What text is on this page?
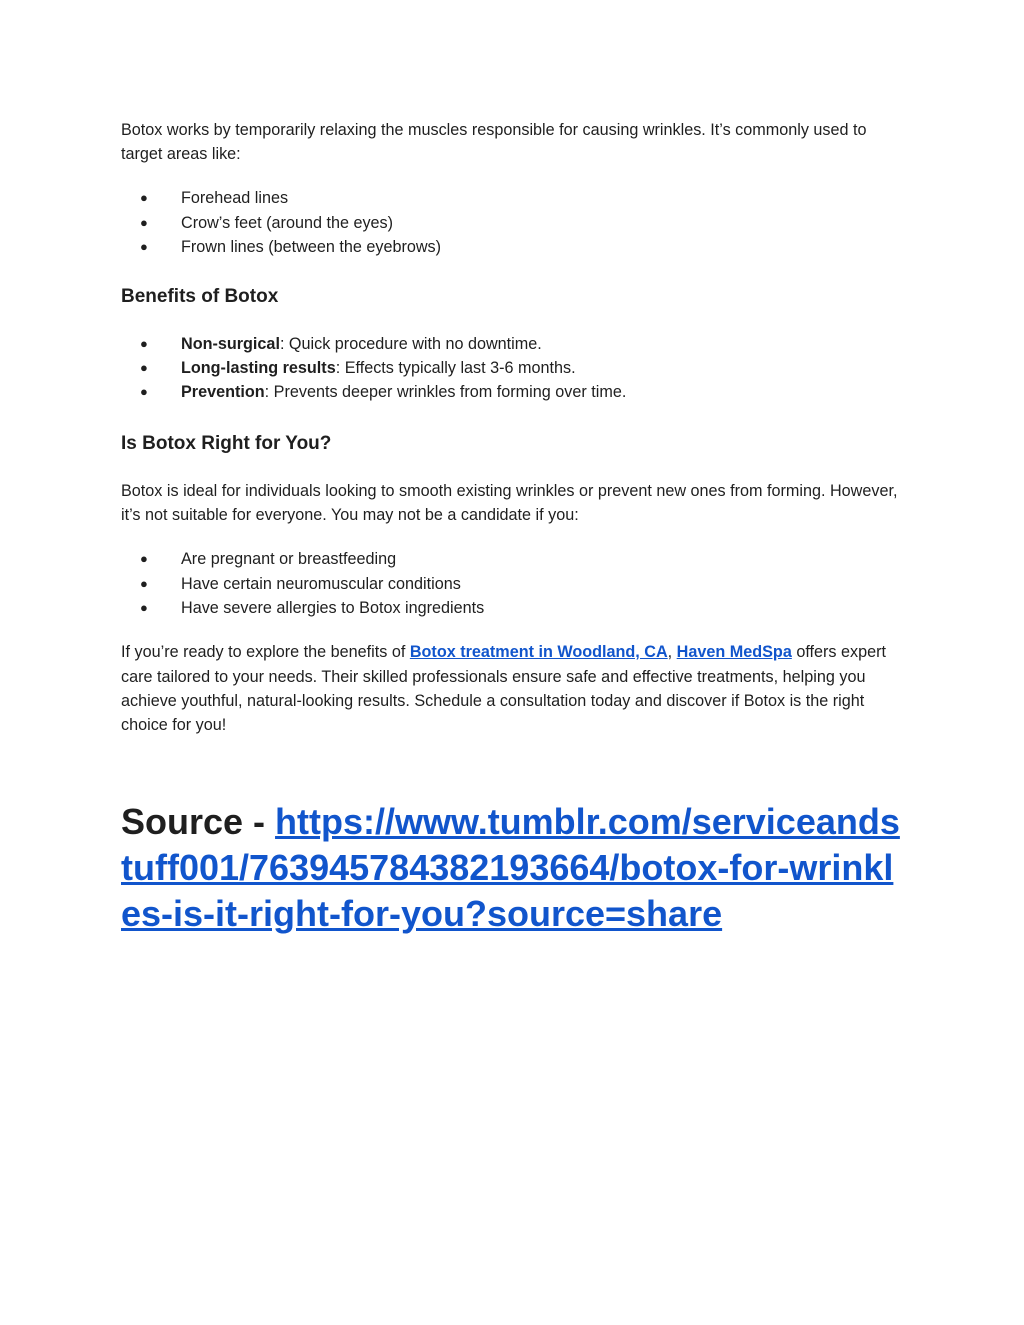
Botox works by temporarily relaxing the muscles responsible for causing wrinkles. It’s commonly used to target areas like:

● Forehead lines
● Crow’s feet (around the eyes)
● Frown lines (between the eyebrows)
Benefits of Botox
● Non-surgical: Quick procedure with no downtime.
● Long-lasting results: Effects typically last 3-6 months.
● Prevention: Prevents deeper wrinkles from forming over time.
Is Botox Right for You?

Botox is ideal for individuals looking to smooth existing wrinkles or prevent new ones from forming. However, it’s not suitable for everyone. You may not be a candidate if you:

● Are pregnant or breastfeeding
● Have certain neuromuscular conditions
● Have severe allergies to Botox ingredients

If you’re ready to explore the benefits of Botox treatment in Woodland, CA, Haven MedSpa offers expert care tailored to your needs. Their skilled professionals ensure safe and effective treatments, helping you achieve youthful, natural-looking results. Schedule a consultation today and discover if Botox is the right choice for you!

Source - https://www.tumblr.com/serviceandstuff001/763945784382193664/botox-for-wrinkles-is-it-right-for-you?source=share
